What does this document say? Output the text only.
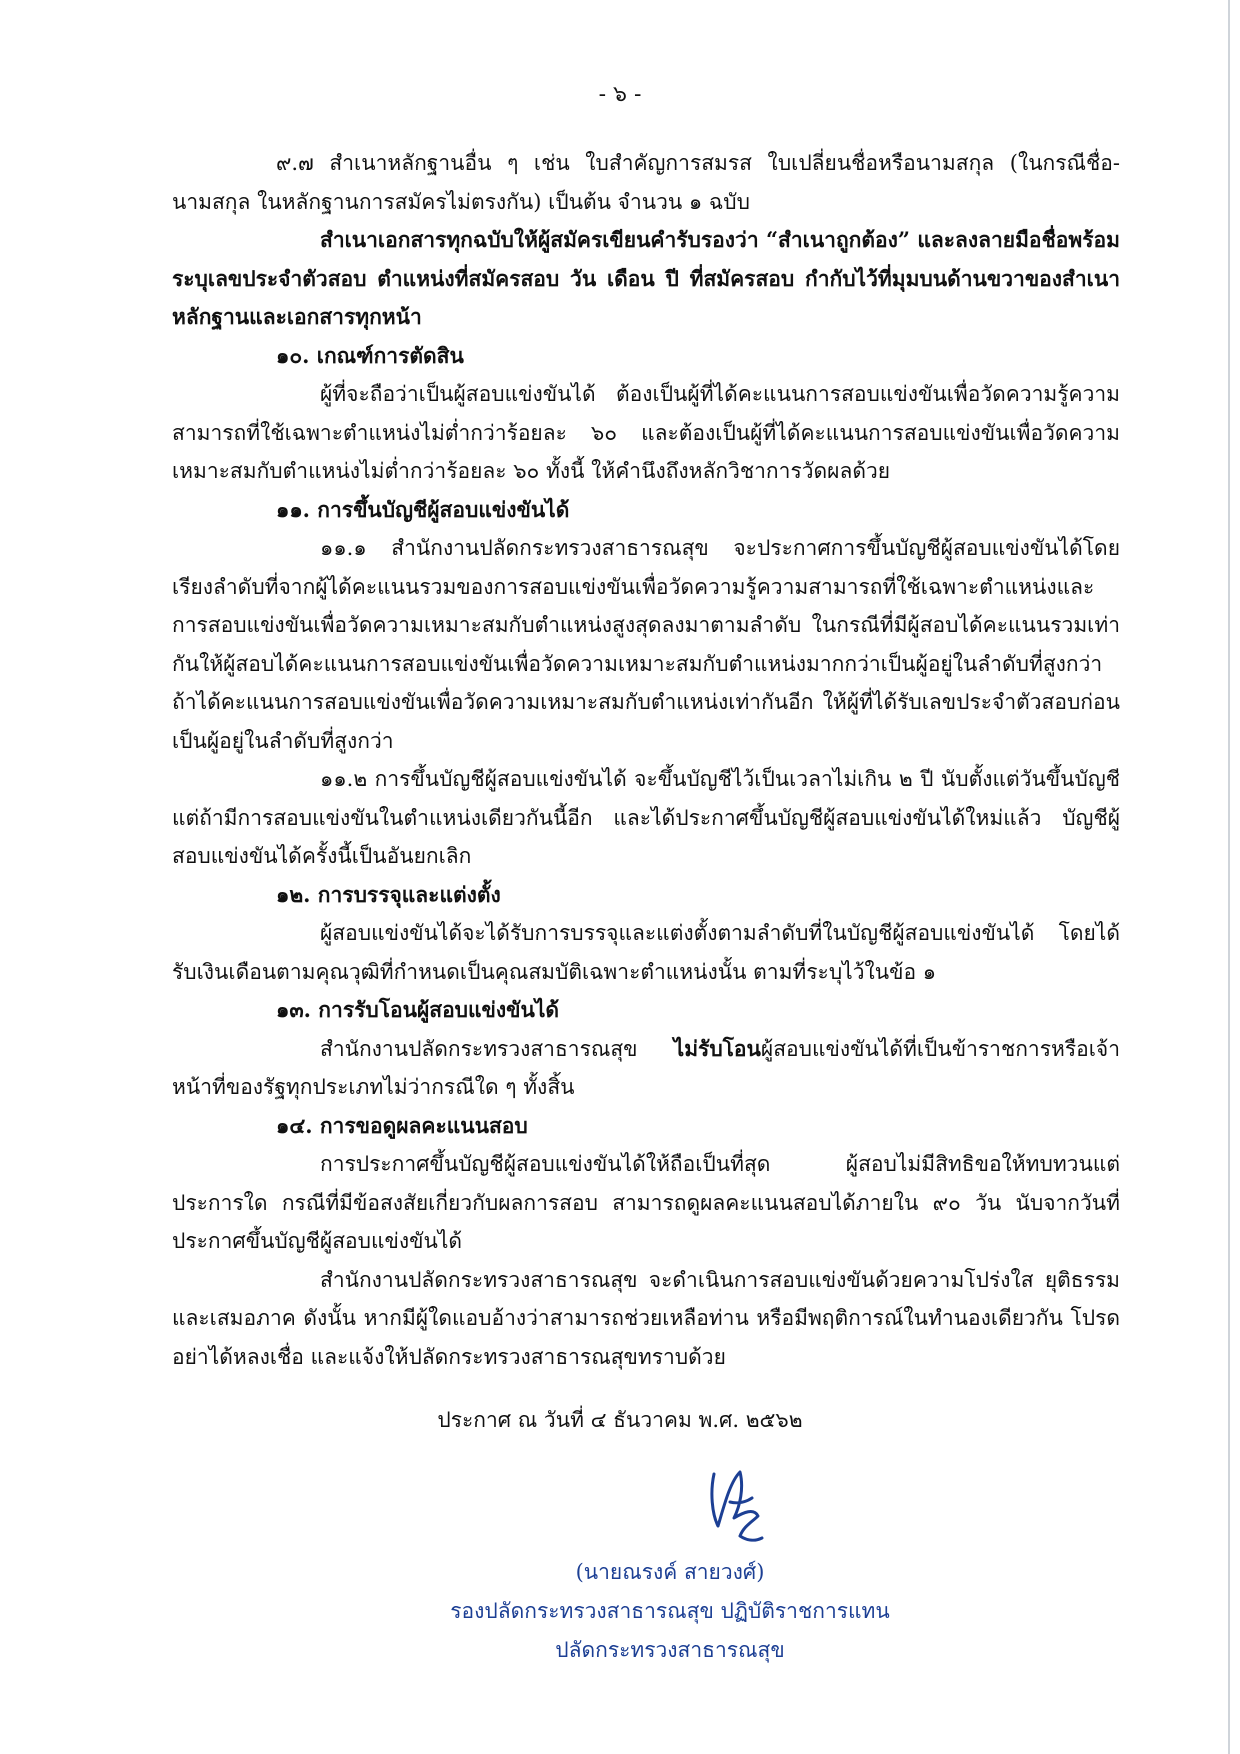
- ๖ -

๙.๗ สำเนาหลักฐานอื่น ๆ เช่น ใบสำคัญการสมรส ใบเปลี่ยนชื่อหรือนามสกุล (ในกรณีชื่อ-นามสกุล ในหลักฐานการสมัครไม่ตรงกัน) เป็นต้น จำนวน ๑ ฉบับ

สำเนาเอกสารทุกฉบับให้ผู้สมัครเขียนคำรับรองว่า “สำเนาถูกต้อง” และลงลายมือชื่อพร้อมระบุเลขประจำตัวสอบ ตำแหน่งที่สมัครสอบ วัน เดือน ปี ที่สมัครสอบ กำกับไว้ที่มุมบนด้านขวาของสำเนาหลักฐานและเอกสารทุกหน้า

๑๐. เกณฑ์การตัดสิน

ผู้ที่จะถือว่าเป็นผู้สอบแข่งขันได้ ต้องเป็นผู้ที่ได้คะแนนการสอบแข่งขันเพื่อวัดความรู้ความสามารถที่ใช้เฉพาะตำแหน่งไม่ต่ำกว่าร้อยละ ๖๐ และต้องเป็นผู้ที่ได้คะแนนการสอบแข่งขันเพื่อวัดความเหมาะสมกับตำแหน่งไม่ต่ำกว่าร้อยละ ๖๐ ทั้งนี้ ให้คำนึงถึงหลักวิชาการวัดผลด้วย

๑๑. การขึ้นบัญชีผู้สอบแข่งขันได้

๑๑.๑ สำนักงานปลัดกระทรวงสาธารณสุข จะประกาศการขึ้นบัญชีผู้สอบแข่งขันได้โดยเรียงลำดับที่จากผู้ได้คะแนนรวมของการสอบแข่งขันเพื่อวัดความรู้ความสามารถที่ใช้เฉพาะตำแหน่งและการสอบแข่งขันเพื่อวัดความเหมาะสมกับตำแหน่งสูงสุดลงมาตามลำดับ ในกรณีที่มีผู้สอบได้คะแนนรวมเท่ากันให้ผู้สอบได้คะแนนการสอบแข่งขันเพื่อวัดความเหมาะสมกับตำแหน่งมากกว่าเป็นผู้อยู่ในลำดับที่สูงกว่าถ้าได้คะแนนการสอบแข่งขันเพื่อวัดความเหมาะสมกับตำแหน่งเท่ากันอีก ให้ผู้ที่ได้รับเลขประจำตัวสอบก่อนเป็นผู้อยู่ในลำดับที่สูงกว่า

๑๑.๒ การขึ้นบัญชีผู้สอบแข่งขันได้ จะขึ้นบัญชีไว้เป็นเวลาไม่เกิน ๒ ปี นับตั้งแต่วันขึ้นบัญชีแต่ถ้ามีการสอบแข่งขันในตำแหน่งเดียวกันนี้อีก และได้ประกาศขึ้นบัญชีผู้สอบแข่งขันได้ใหม่แล้ว บัญชีผู้สอบแข่งขันได้ครั้งนี้เป็นอันยกเลิก

๑๒. การบรรจุและแต่งตั้ง

ผู้สอบแข่งขันได้จะได้รับการบรรจุและแต่งตั้งตามลำดับที่ในบัญชีผู้สอบแข่งขันได้ โดยได้รับเงินเดือนตามคุณวุฒิที่กำหนดเป็นคุณสมบัติเฉพาะตำแหน่งนั้น ตามที่ระบุไว้ในข้อ ๑

๑๓. การรับโอนผู้สอบแข่งขันได้

สำนักงานปลัดกระทรวงสาธารณสุข ไม่รับโอนผู้สอบแข่งขันได้ที่เป็นข้าราชการหรือเจ้าหน้าที่ของรัฐทุกประเภทไม่ว่ากรณีใด ๆ ทั้งสิ้น

๑๔. การขอดูผลคะแนนสอบ

การประกาศขึ้นบัญชีผู้สอบแข่งขันได้ให้ถือเป็นที่สุด ผู้สอบไม่มีสิทธิขอให้ทบทวนแต่ประการใด กรณีที่มีข้อสงสัยเกี่ยวกับผลการสอบ สามารถดูผลคะแนนสอบได้ภายใน ๙๐ วัน นับจากวันที่ประกาศขึ้นบัญชีผู้สอบแข่งขันได้

สำนักงานปลัดกระทรวงสาธารณสุข จะดำเนินการสอบแข่งขันด้วยความโปร่งใส ยุติธรรม และเสมอภาค ดังนั้น หากมีผู้ใดแอบอ้างว่าสามารถช่วยเหลือท่าน หรือมีพฤติการณ์ในทำนองเดียวกัน โปรดอย่าได้หลงเชื่อ และแจ้งให้ปลัดกระทรวงสาธารณสุขทราบด้วย

ประกาศ ณ วันที่ ๔ ธันวาคม พ.ศ. ๒๕๖๒
(นายณรงค์ สายวงศ์)
รองปลัดกระทรวงสาธารณสุข ปฏิบัติราชการแทน
ปลัดกระทรวงสาธารณสุข
